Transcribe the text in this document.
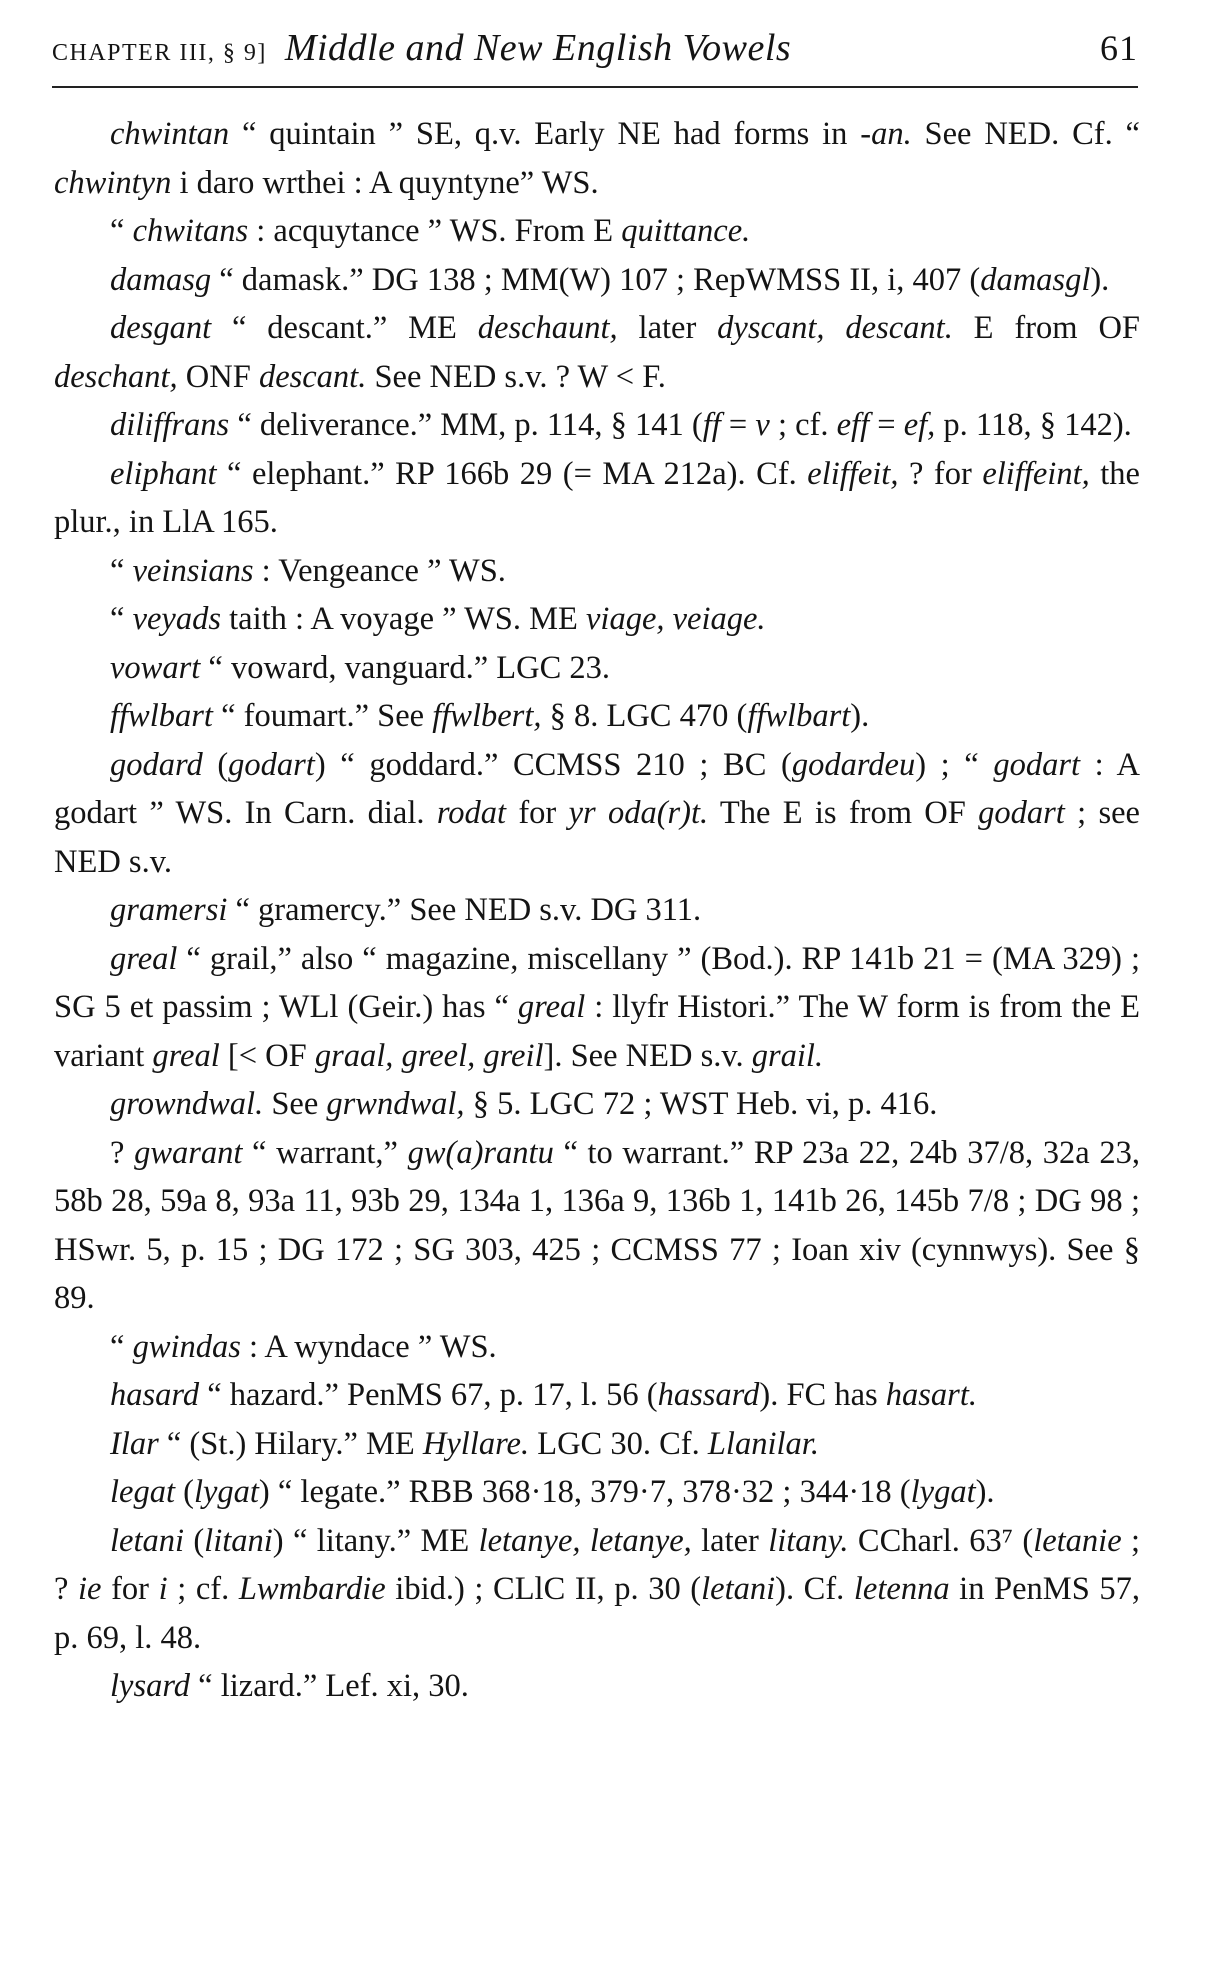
CHAPTER III, § 9] Middle and New English Vowels	61

chwintan “ quintain ” SE, q.v. Early NE had forms in -an. See NED. Cf. “ chwintyn i daro wrthei : A quyntyne” WS.

“ chwitans : acquytance ” WS. From E quittance.

damasg “ damask.” DG 138 ; MM(W) 107 ; RepWMSS II, i, 407 (damasgl).

desgant “ descant.” ME deschaunt, later dyscant, descant. E from OF deschant, ONF descant. See NED s.v. ? W < F.

diliffrans “ deliverance.” MM, p. 114, § 141 (ff = v ; cf. eff = ef, p. 118, § 142).

eliphant “ elephant.” RP 166b 29 (= MA 212a). Cf. eliffeit, ? for eliffeint, the plur., in LlA 165.

“ veinsians : Vengeance ” WS.

“ veyads taith : A voyage ” WS. ME viage, veiage.

vowart “ voward, vanguard.” LGC 23.

ffwlbart “ foumart.” See ffwlbert, § 8. LGC 470 (ffwlbart).

godard (godart) “ goddard.” CCMSS 210 ; BC (godardeu) ; “ godart : A godart ” WS. In Carn. dial. rodat for yr oda(r)t. The E is from OF godart ; see NED s.v.

gramersi “ gramercy.” See NED s.v. DG 311.

greal “ grail,” also “ magazine, miscellany ” (Bod.). RP 141b 21 = (MA 329) ; SG 5 et passim ; WLl (Geir.) has “ greal : llyfr Histori.” The W form is from the E variant greal [< OF graal, greel, greil]. See NED s.v. grail.

growndwal. See grwndwal, § 5. LGC 72 ; WST Heb. vi, p. 416.

? gwarant “ warrant,” gw(a)rantu “ to warrant.” RP 23a 22, 24b 37/8, 32a 23, 58b 28, 59a 8, 93a 11, 93b 29, 134a 1, 136a 9, 136b 1, 141b 26, 145b 7/8 ; DG 98 ; HSwr. 5, p. 15 ; DG 172 ; SG 303, 425 ; CCMSS 77 ; Ioan xiv (cynnwys). See § 89.

“ gwindas : A wyndace ” WS.

hasard “ hazard.” PenMS 67, p. 17, l. 56 (hassard). FC has hasart.

Ilar “ (St.) Hilary.” ME Hyllare. LGC 30. Cf. Llanilar.

legat (lygat) “ legate.” RBB 368·18, 379·7, 378·32 ; 344·18 (lygat).

letani (litani) “ litany.” ME letanye, letanye, later litany. CCharl. 63⁷ (letanie ; ? ie for i ; cf. Lwmbardie ibid.) ; CLlC II, p. 30 (letani). Cf. letenna in PenMS 57, p. 69, l. 48.

lysard “ lizard.” Lef. xi, 30.
